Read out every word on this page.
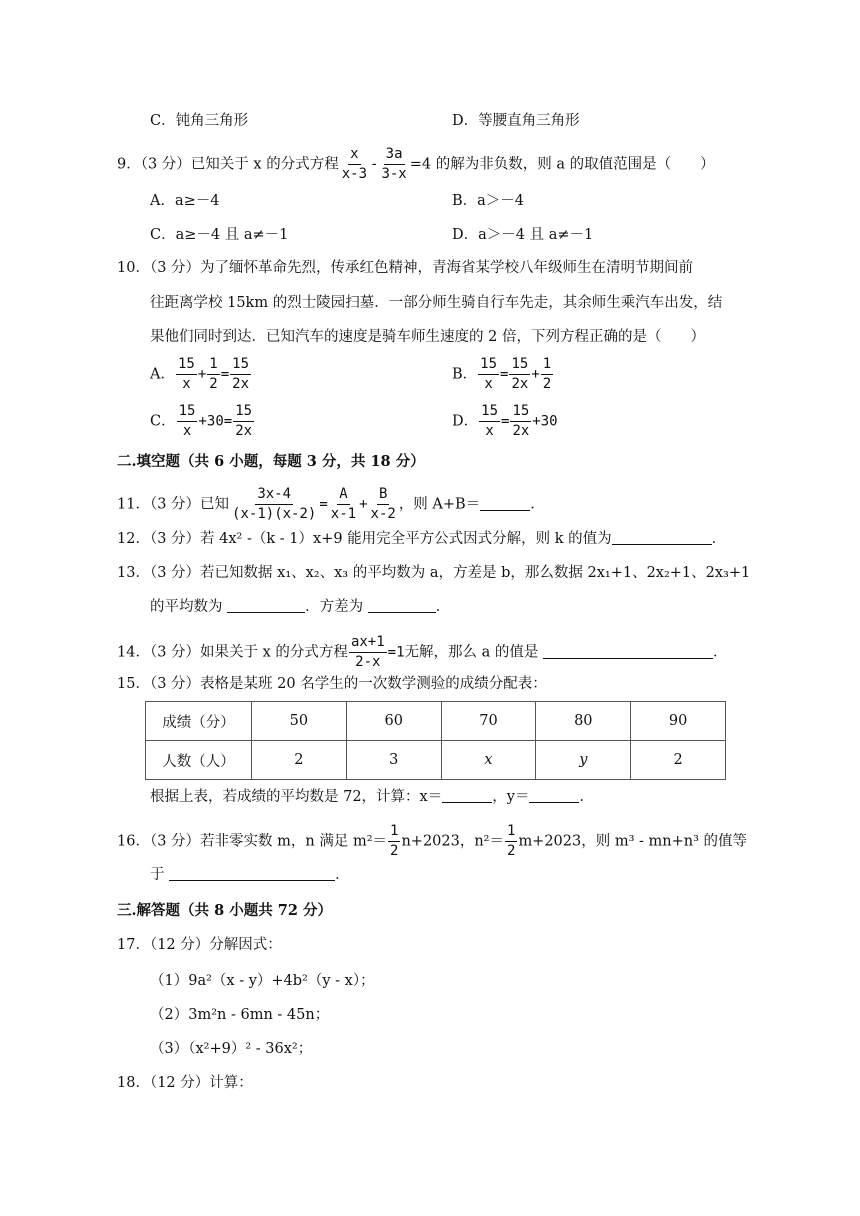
C．钝角三角形	D．等腰直角三角形
9．（3 分）已知关于 x 的分式方程 $\frac{x}{x-3} - \frac{3a}{3-x} =4$ 的解为非负数，则 a 的取值范围是（　　）
A．a≥－4	B．a＞－4
C．a≥－4 且 a≠－1	D．a＞－4 且 a≠－1
10．（3 分）为了缅怀革命先烈，传承红色精神，青海省某学校八年级师生在清明节期间前
往距离学校 15km 的烈士陵园扫墓．一部分师生骑自行车先走，其余师生乘汽车出发，结
果他们同时到达．已知汽车的速度是骑车师生速度的 2 倍，下列方程正确的是（　　）
A． $\frac{15}{x} + \frac{1}{2} = \frac{15}{2x}$	B． $\frac{15}{x} = \frac{15}{2x} + \frac{1}{2}$
C． $\frac{15}{x} +30= \frac{15}{2x}$	D． $\frac{15}{x} = \frac{15}{2x} +30$
二.填空题（共 6 小题，每题 3 分，共 18 分）
11．（3 分）已知 $\frac{3x-4}{(x-1)(x-2)} = \frac{A}{x-1} + \frac{B}{x-2}$ ，则 A+B＝	．
12．（3 分）若 4x² -（k - 1）x+9 能用完全平方公式因式分解，则 k 的值为	．
13．（3 分）若已知数据 x₁、x₂、x₃ 的平均数为 a，方差是 b，那么数据 2x₁+1、2x₂+1、2x₃+1
的平均数为	．方差为	．
14．（3 分）如果关于 x 的分式方程 $\frac{ax+1}{2-x} =1$无解，那么 a 的值是	．
15．（3 分）表格是某班 20 名学生的一次数学测验的成绩分配表：
成绩（分）	50	60	70	80	90
人数（人）	2	3	x	y	2
根据上表，若成绩的平均数是 72，计算：x＝	，y＝	．
16．（3 分）若非零实数 m，n 满足 $m^2= \frac{1}{2} n+2023$，$n^2= \frac{1}{2} m+2023$，则 m³ - mn+n³ 的值等
于	．
三.解答题（共 8 小题共 72 分）
17．（12 分）分解因式：
（1）9a²（x - y）+4b²（y - x）；
（2）3m²n - 6mn - 45n；
（3）（x²+9）² - 36x²；
18．（12 分）计算：
